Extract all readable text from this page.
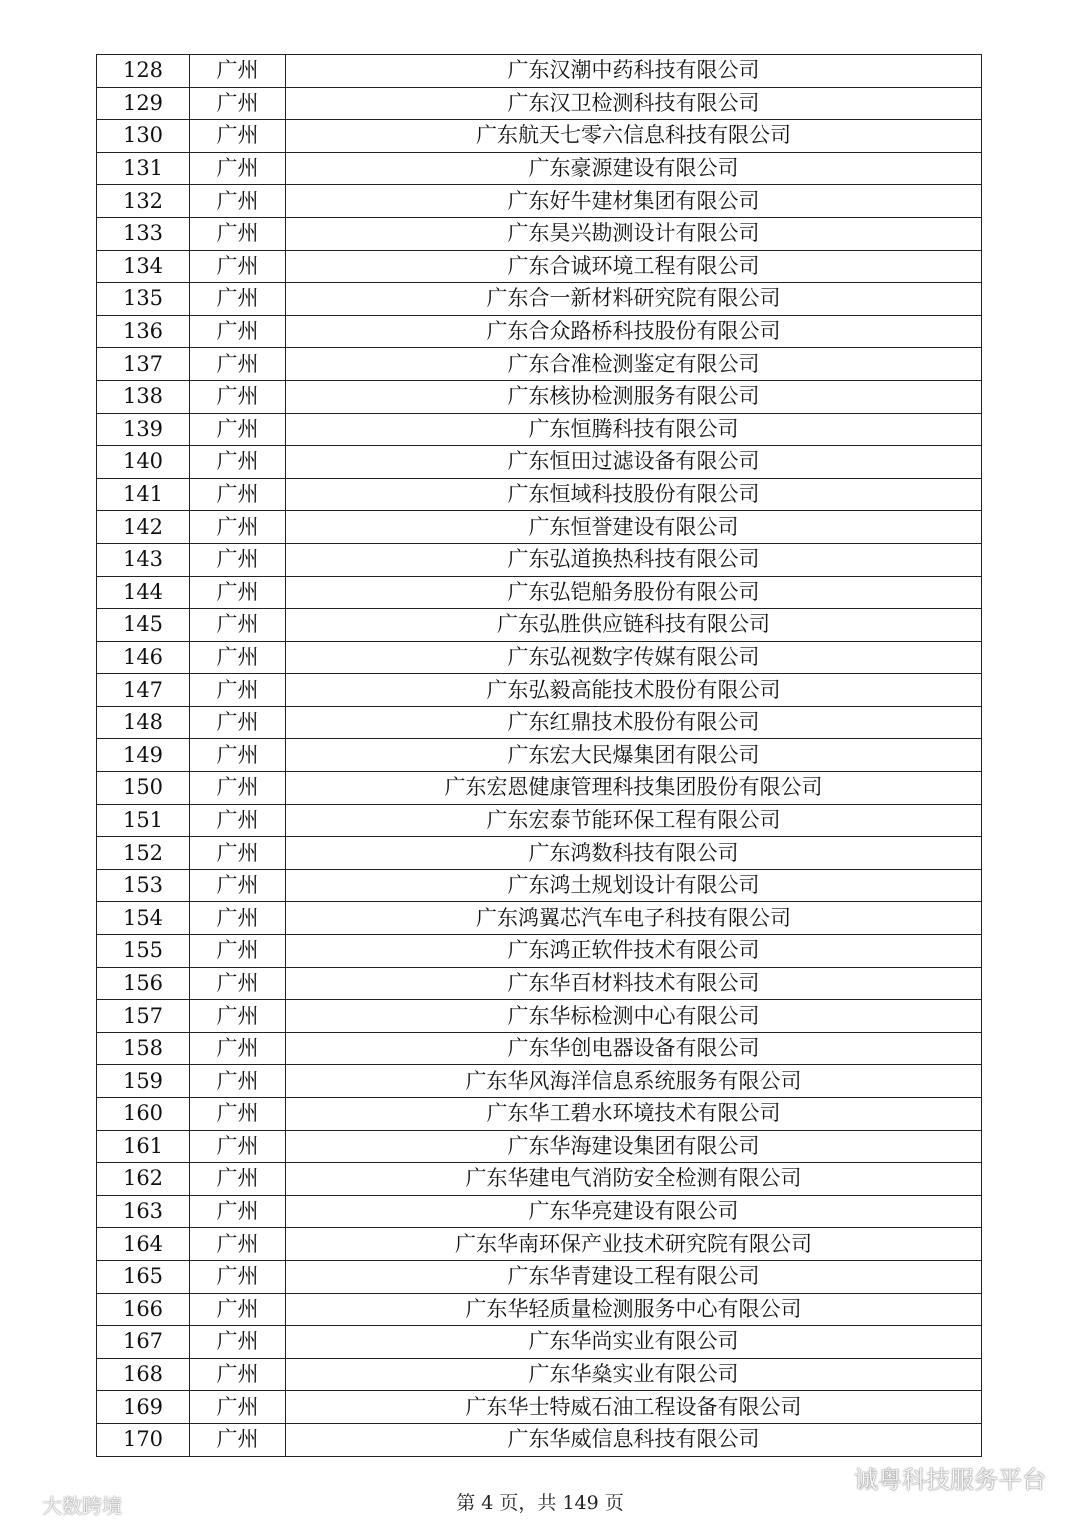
128	广州	广东汉潮中药科技有限公司
129	广州	广东汉卫检测科技有限公司
130	广州	广东航天七零六信息科技有限公司
131	广州	广东豪源建设有限公司
132	广州	广东好牛建材集团有限公司
133	广州	广东昊兴勘测设计有限公司
134	广州	广东合诚环境工程有限公司
135	广州	广东合一新材料研究院有限公司
136	广州	广东合众路桥科技股份有限公司
137	广州	广东合准检测鉴定有限公司
138	广州	广东核协检测服务有限公司
139	广州	广东恒腾科技有限公司
140	广州	广东恒田过滤设备有限公司
141	广州	广东恒域科技股份有限公司
142	广州	广东恒誉建设有限公司
143	广州	广东弘道换热科技有限公司
144	广州	广东弘铠船务股份有限公司
145	广州	广东弘胜供应链科技有限公司
146	广州	广东弘视数字传媒有限公司
147	广州	广东弘毅高能技术股份有限公司
148	广州	广东红鼎技术股份有限公司
149	广州	广东宏大民爆集团有限公司
150	广州	广东宏恩健康管理科技集团股份有限公司
151	广州	广东宏泰节能环保工程有限公司
152	广州	广东鸿数科技有限公司
153	广州	广东鸿土规划设计有限公司
154	广州	广东鸿翼芯汽车电子科技有限公司
155	广州	广东鸿正软件技术有限公司
156	广州	广东华百材料技术有限公司
157	广州	广东华标检测中心有限公司
158	广州	广东华创电器设备有限公司
159	广州	广东华风海洋信息系统服务有限公司
160	广州	广东华工碧水环境技术有限公司
161	广州	广东华海建设集团有限公司
162	广州	广东华建电气消防安全检测有限公司
163	广州	广东华亮建设有限公司
164	广州	广东华南环保产业技术研究院有限公司
165	广州	广东华青建设工程有限公司
166	广州	广东华轻质量检测服务中心有限公司
167	广州	广东华尚实业有限公司
168	广州	广东华燊实业有限公司
169	广州	广东华士特威石油工程设备有限公司
170	广州	广东华威信息科技有限公司
第 4 页，共 149 页
大数跨境
诚粤科技服务平台
